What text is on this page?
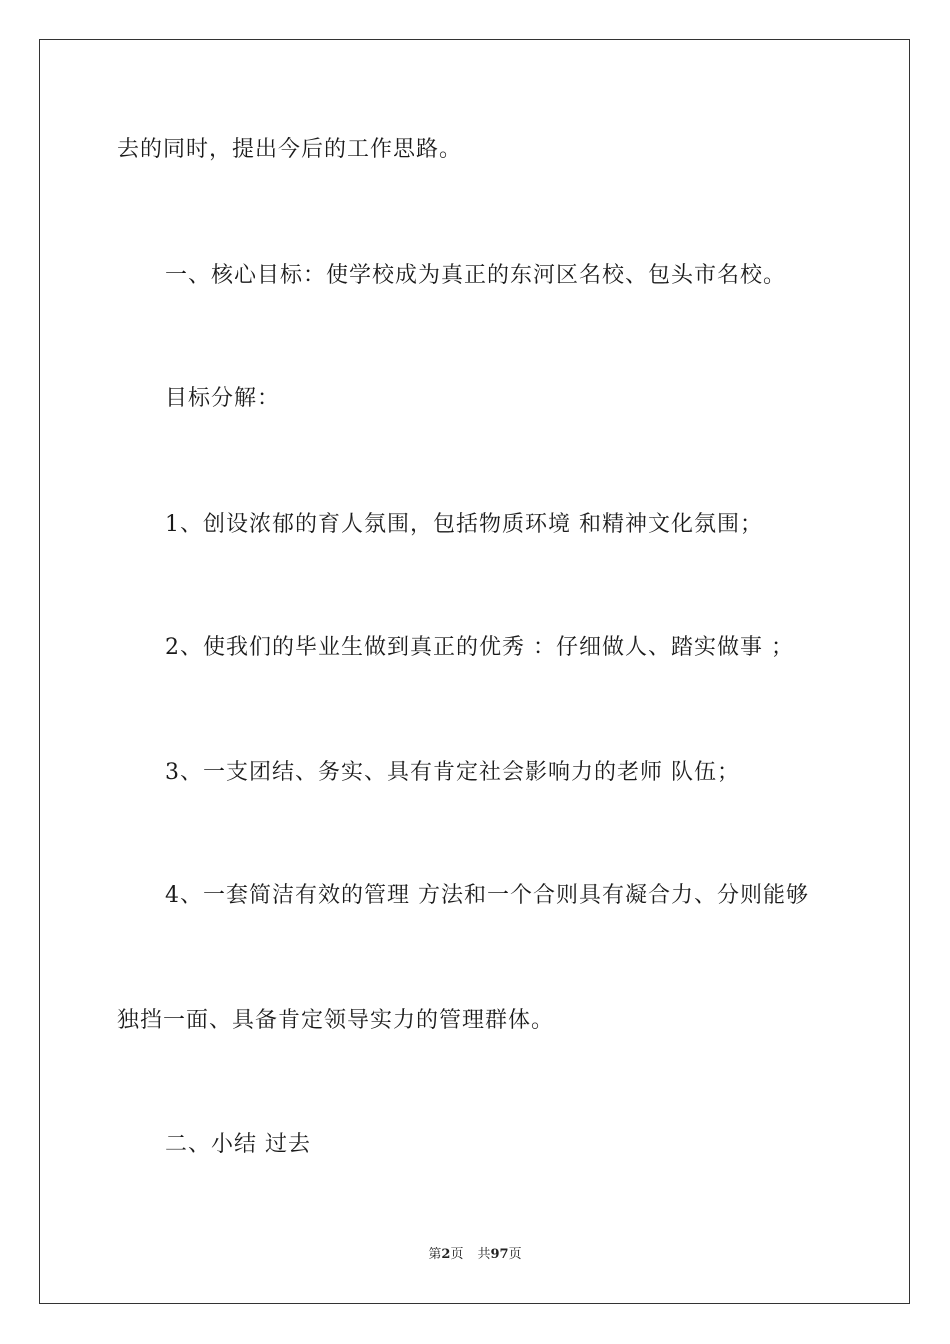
去的同时，提出今后的工作思路。
一、核心目标：使学校成为真正的东河区名校、包头市名校。
目标分解：
1、创设浓郁的育人氛围，包括物质环境 和精神文化氛围；
2、使我们的毕业生做到真正的优秀 ：仔细做人、踏实做事 ；
3、一支团结、务实、具有肯定社会影响力的老师 队伍；
4、一套简洁有效的管理 方法和一个合则具有凝合力、分则能够
独挡一面、具备肯定领导实力的管理群体。
二、小结 过去
第2页 共97页
